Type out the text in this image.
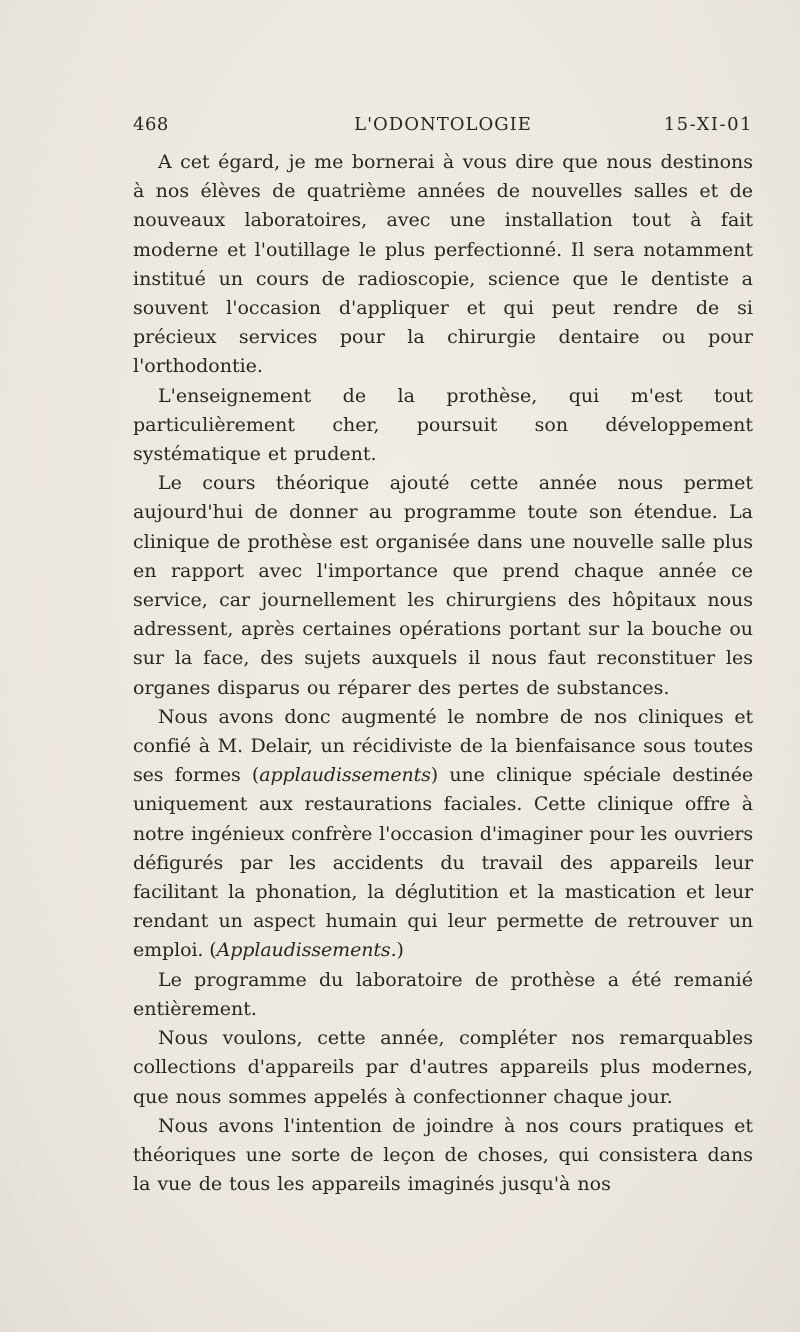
468	L'ODONTOLOGIE	15-XI-01

A cet égard, je me bornerai à vous dire que nous destinons à nos élèves de quatrième années de nouvelles salles et de nouveaux laboratoires, avec une installation tout à fait moderne et l'outillage le plus perfectionné. Il sera notamment institué un cours de radioscopie, science que le dentiste a souvent l'occasion d'appliquer et qui peut rendre de si précieux services pour la chirurgie dentaire ou pour l'orthodontie.

L'enseignement de la prothèse, qui m'est tout particulièrement cher, poursuit son développement systématique et prudent.

Le cours théorique ajouté cette année nous permet aujourd'hui de donner au programme toute son étendue. La clinique de prothèse est organisée dans une nouvelle salle plus en rapport avec l'importance que prend chaque année ce service, car journellement les chirurgiens des hôpitaux nous adressent, après certaines opérations portant sur la bouche ou sur la face, des sujets auxquels il nous faut reconstituer les organes disparus ou réparer des pertes de substances.

Nous avons donc augmenté le nombre de nos cliniques et confié à M. Delair, un récidiviste de la bienfaisance sous toutes ses formes (applaudissements) une clinique spéciale destinée uniquement aux restaurations faciales. Cette clinique offre à notre ingénieux confrère l'occasion d'imaginer pour les ouvriers défigurés par les accidents du travail des appareils leur facilitant la phonation, la déglutition et la mastication et leur rendant un aspect humain qui leur permette de retrouver un emploi. (Applaudissements.)

Le programme du laboratoire de prothèse a été remanié entièrement.

Nous voulons, cette année, compléter nos remarquables collections d'appareils par d'autres appareils plus modernes, que nous sommes appelés à confectionner chaque jour.

Nous avons l'intention de joindre à nos cours pratiques et théoriques une sorte de leçon de choses, qui consistera dans la vue de tous les appareils imaginés jusqu'à nos
